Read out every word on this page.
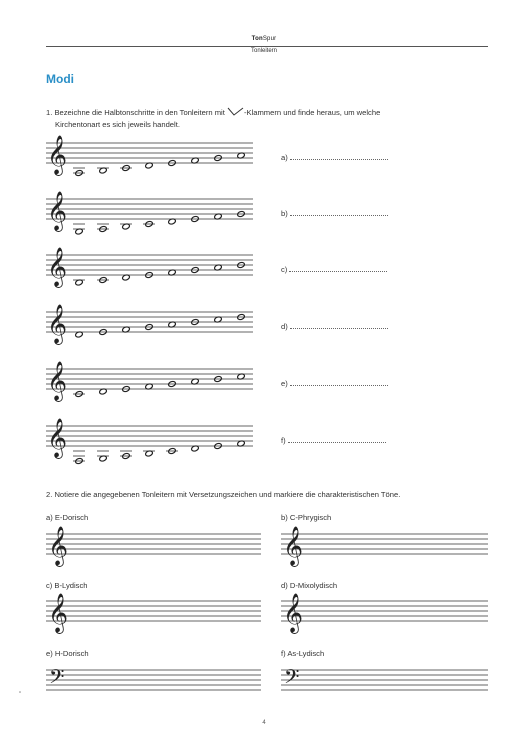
TonSpur
Tonleitern
Modi
1. Bezeichne die Halbtonschritte in den Tonleitern mit	-Klammern und finde heraus, um welche
Kirchentonart es sich jeweils handelt.
a)
b)
c)
d)
e)
f)
2. Notiere die angegebenen Tonleitern mit Versetzungszeichen und markiere die charakteristischen Töne.
a) E-Dorisch	b) C-Phrygisch
c) B-Lydisch	d) D-Mixolydisch
e) H-Dorisch	f) As-Lydisch
𝄞
𝄞
𝄞
𝄞
𝄞
𝄞
𝄞	𝄞
𝄞	𝄞
𝄢	𝄢
4
